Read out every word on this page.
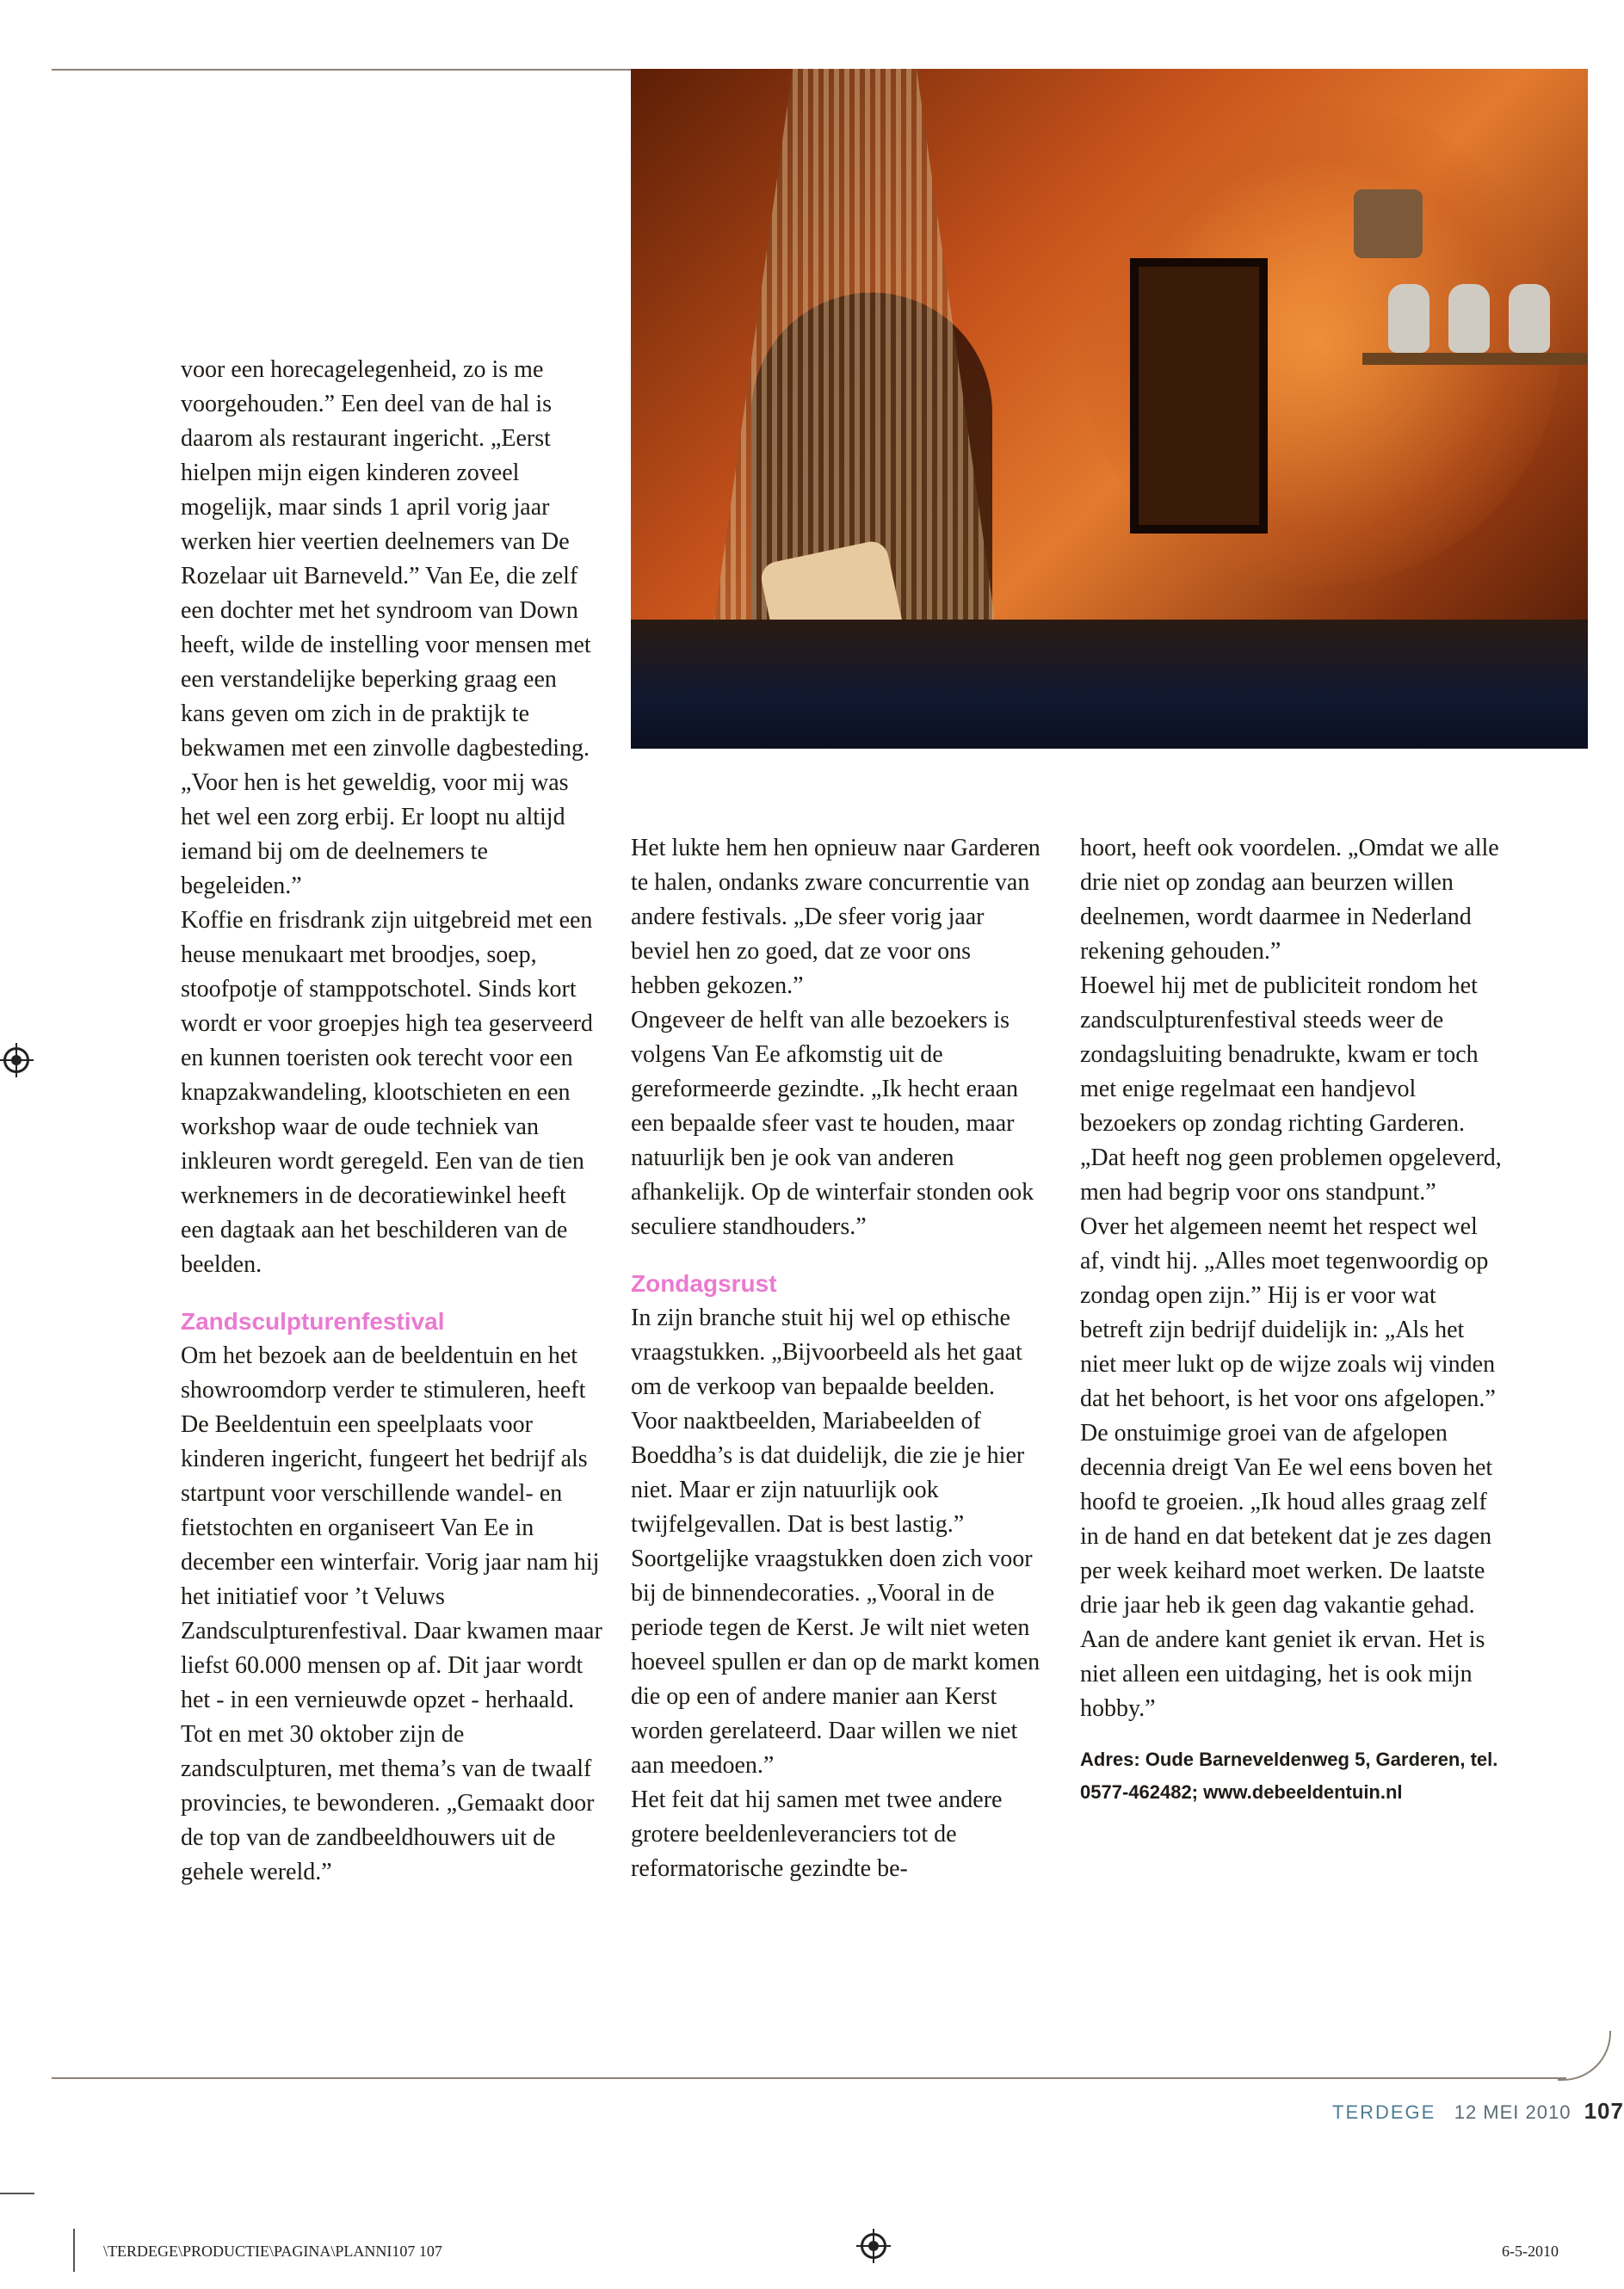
voor een horecagelegenheid, zo is me voorgehouden.” Een deel van de hal is daarom als restaurant ingericht. „Eerst hielpen mijn eigen kinderen zoveel mogelijk, maar sinds 1 april vorig jaar werken hier veertien deelnemers van De Rozelaar uit Barneveld.” Van Ee, die zelf een dochter met het syndroom van Down heeft, wilde de instelling voor mensen met een verstandelijke beperking graag een kans geven om zich in de praktijk te bekwamen met een zinvolle dagbesteding. „Voor hen is het geweldig, voor mij was het wel een zorg erbij. Er loopt nu altijd iemand bij om de deelnemers te begeleiden.”

Koffie en frisdrank zijn uitgebreid met een heuse menukaart met broodjes, soep, stoofpotje of stamppotschotel. Sinds kort wordt er voor groepjes high tea geserveerd en kunnen toeristen ook terecht voor een knapzakwandeling, klootschieten en een workshop waar de oude techniek van inkleuren wordt geregeld. Een van de tien werknemers in de decoratiewinkel heeft een dagtaak aan het beschilderen van de beelden.

Zandsculpturenfestival

Om het bezoek aan de beeldentuin en het showroomdorp verder te stimuleren, heeft De Beeldentuin een speelplaats voor kinderen ingericht, fungeert het bedrijf als startpunt voor verschillende wandel- en fietstochten en organiseert Van Ee in december een winterfair. Vorig jaar nam hij het initiatief voor ’t Veluws Zandsculpturenfestival. Daar kwamen maar liefst 60.000 mensen op af. Dit jaar wordt het - in een vernieuwde opzet - herhaald. Tot en met 30 oktober zijn de zandsculpturen, met thema’s van de twaalf provincies, te bewonderen. „Gemaakt door de top van de zandbeeldhouwers uit de gehele wereld.”

Het lukte hem hen opnieuw naar Garderen te halen, ondanks zware concurrentie van andere festivals. „De sfeer vorig jaar beviel hen zo goed, dat ze voor ons hebben gekozen.”

Ongeveer de helft van alle bezoekers is volgens Van Ee afkomstig uit de gereformeerde gezindte. „Ik hecht eraan een bepaalde sfeer vast te houden, maar natuurlijk ben je ook van anderen afhankelijk. Op de winterfair stonden ook seculiere standhouders.”

Zondagsrust

In zijn branche stuit hij wel op ethische vraagstukken. „Bijvoorbeeld als het gaat om de verkoop van bepaalde beelden. Voor naaktbeelden, Mariabeelden of Boeddha’s is dat duidelijk, die zie je hier niet. Maar er zijn natuurlijk ook twijfelgevallen. Dat is best lastig.”

Soortgelijke vraagstukken doen zich voor bij de binnendecoraties. „Vooral in de periode tegen de Kerst. Je wilt niet weten hoeveel spullen er dan op de markt komen die op een of andere manier aan Kerst worden gerelateerd. Daar willen we niet aan meedoen.”

Het feit dat hij samen met twee andere grotere beeldenleveranciers tot de reformatorische gezindte be-

hoort, heeft ook voordelen. „Omdat we alle drie niet op zondag aan beurzen willen deelnemen, wordt daarmee in Nederland rekening gehouden.”

Hoewel hij met de publiciteit rondom het zandsculpturenfestival steeds weer de zondagsluiting benadrukte, kwam er toch met enige regelmaat een handjevol bezoekers op zondag richting Garderen. „Dat heeft nog geen problemen opgeleverd, men had begrip voor ons standpunt.”

Over het algemeen neemt het respect wel af, vindt hij. „Alles moet tegenwoordig op zondag open zijn.” Hij is er voor wat betreft zijn bedrijf duidelijk in: „Als het niet meer lukt op de wijze zoals wij vinden dat het behoort, is het voor ons afgelopen.”

De onstuimige groei van de afgelopen decennia dreigt Van Ee wel eens boven het hoofd te groeien. „Ik houd alles graag zelf in de hand en dat betekent dat je zes dagen per week keihard moet werken. De laatste drie jaar heb ik geen dag vakantie gehad. Aan de andere kant geniet ik ervan. Het is niet alleen een uitdaging, het is ook mijn hobby.”

Adres: Oude Barneveldenweg 5, Garderen, tel. 0577-462482; www.debeeldentuin.nl

TERDEGE 12 MEI 2010 107
\TERDEGE\PRODUCTIE\PAGINA\PLANNI107 107	6-5-2010
